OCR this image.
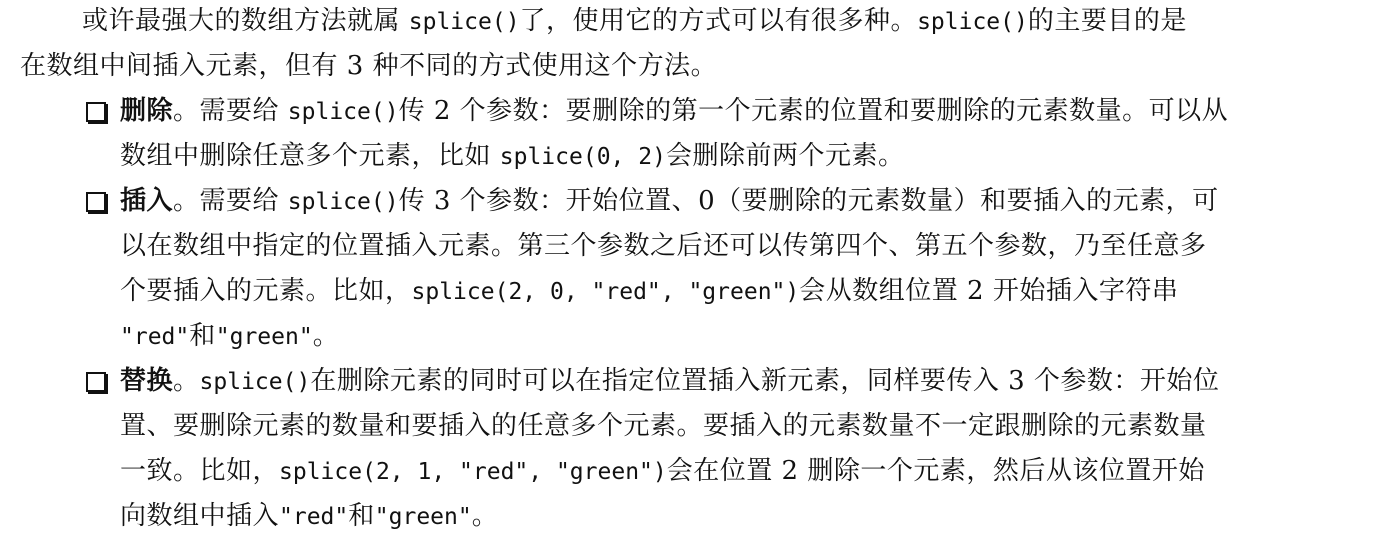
或许最强大的数组方法就属 splice()了，使用它的方式可以有很多种。splice()的主要目的是
在数组中间插入元素，但有 3 种不同的方式使用这个方法。
删除。需要给 splice()传 2 个参数：要删除的第一个元素的位置和要删除的元素数量。可以从
数组中删除任意多个元素，比如 splice(0, 2)会删除前两个元素。
插入。需要给 splice()传 3 个参数：开始位置、0（要删除的元素数量）和要插入的元素，可
以在数组中指定的位置插入元素。第三个参数之后还可以传第四个、第五个参数，乃至任意多
个要插入的元素。比如，splice(2, 0, "red", "green")会从数组位置 2 开始插入字符串
"red"和"green"。
替换。splice()在删除元素的同时可以在指定位置插入新元素，同样要传入 3 个参数：开始位
置、要删除元素的数量和要插入的任意多个元素。要插入的元素数量不一定跟删除的元素数量
一致。比如，splice(2, 1, "red", "green")会在位置 2 删除一个元素，然后从该位置开始
向数组中插入"red"和"green"。
